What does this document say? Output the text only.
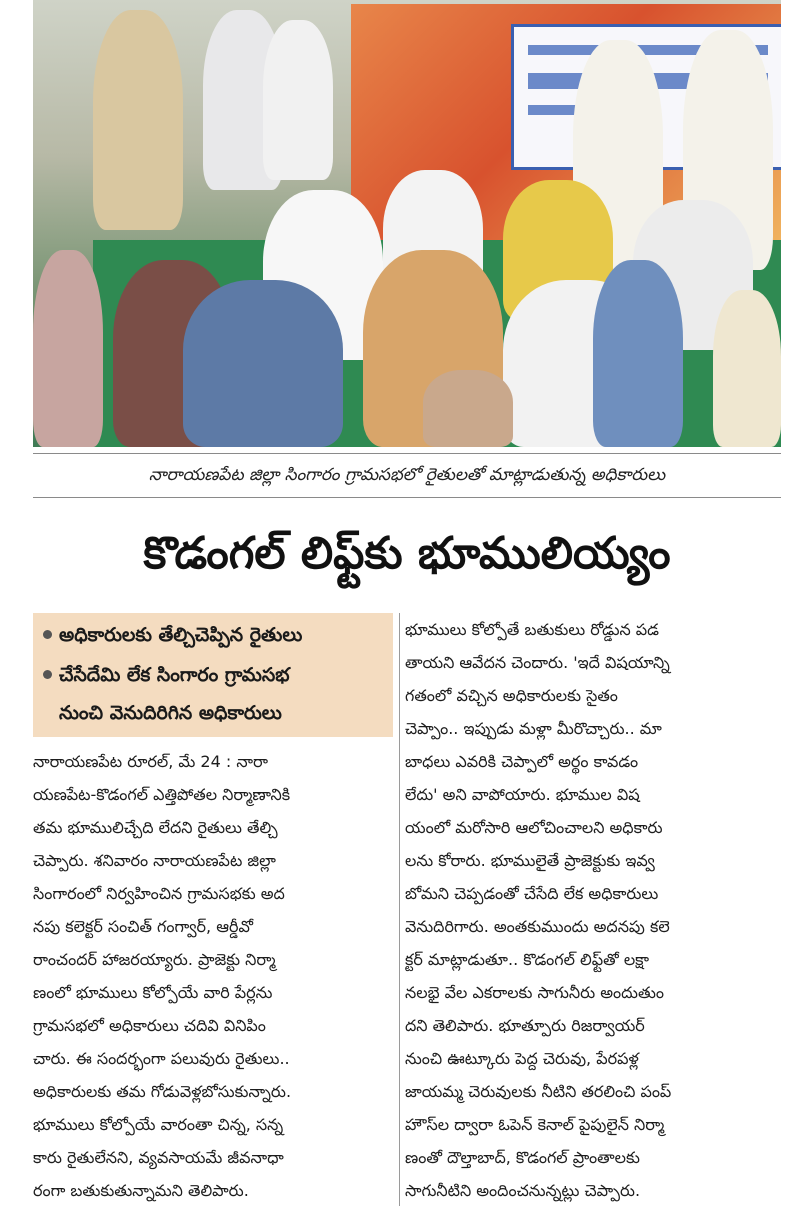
నారాయణపేట జిల్లా సింగారం గ్రామసభలో రైతులతో మాట్లాడుతున్న అధికారులు
కొడంగల్ లిఫ్ట్‌కు భూములియ్యం
అధికారులకు తేల్చిచెప్పిన రైతులు
చేసేదేమి లేక సింగారం గ్రామసభ
నుంచి వెనుదిరిగిన అధికారులు
నారాయణపేట రూరల్, మే 24 : నారా
యణపేట-కొడంగల్ ఎత్తిపోతల నిర్మాణానికి
తమ భూములిచ్చేది లేదని రైతులు తేల్చి
చెప్పారు. శనివారం నారాయణపేట జిల్లా
సింగారంలో నిర్వహించిన గ్రామసభకు అద
నపు కలెక్టర్ సంచిత్ గంగ్వార్, ఆర్డీవో
రాంచందర్ హాజరయ్యారు. ప్రాజెక్టు నిర్మా
ణంలో భూములు కోల్పోయే వారి పేర్లను
గ్రామసభలో అధికారులు చదివి వినిపిం
చారు. ఈ సందర్భంగా పలువురు రైతులు..
అధికారులకు తమ గోడువెళ్లబోసుకున్నారు.
భూములు కోల్పోయే వారంతా చిన్న, సన్న
కారు రైతులేనని, వ్యవసాయమే జీవనాధా
రంగా బతుకుతున్నామని తెలిపారు.
భూములు కోల్పోతే బతుకులు రోడ్డున పడ
తాయని ఆవేదన చెందారు. 'ఇదే విషయాన్ని
గతంలో వచ్చిన అధికారులకు సైతం
చెప్పాం.. ఇప్పుడు మళ్లా మీరొచ్చారు.. మా
బాధలు ఎవరికి చెప్పాలో అర్థం కావడం
లేదు' అని వాపోయారు. భూముల విష
యంలో మరోసారి ఆలోచించాలని అధికారు
లను కోరారు. భూములైతే ప్రాజెక్టుకు ఇవ్వ
బోమని చెప్పడంతో చేసేది లేక అధికారులు
వెనుదిరిగారు. అంతకుముందు అదనపు కలె
క్టర్ మాట్లాడుతూ.. కొడంగల్ లిఫ్ట్‌తో లక్షా
నలభై వేల ఎకరాలకు సాగునీరు అందుతుం
దని తెలిపారు. భూత్పూరు రిజర్వాయర్
నుంచి ఊట్కూరు పెద్ద చెరువు, పేరపళ్ల
జాయమ్మ చెరువులకు నీటిని తరలించి పంప్
హౌస్‌ల ద్వారా ఓపెన్ కెనాల్ పైపులైన్ నిర్మా
ణంతో దౌల్తాబాద్, కొడంగల్ ప్రాంతాలకు
సాగునీటిని అందించనున్నట్లు చెప్పారు.
